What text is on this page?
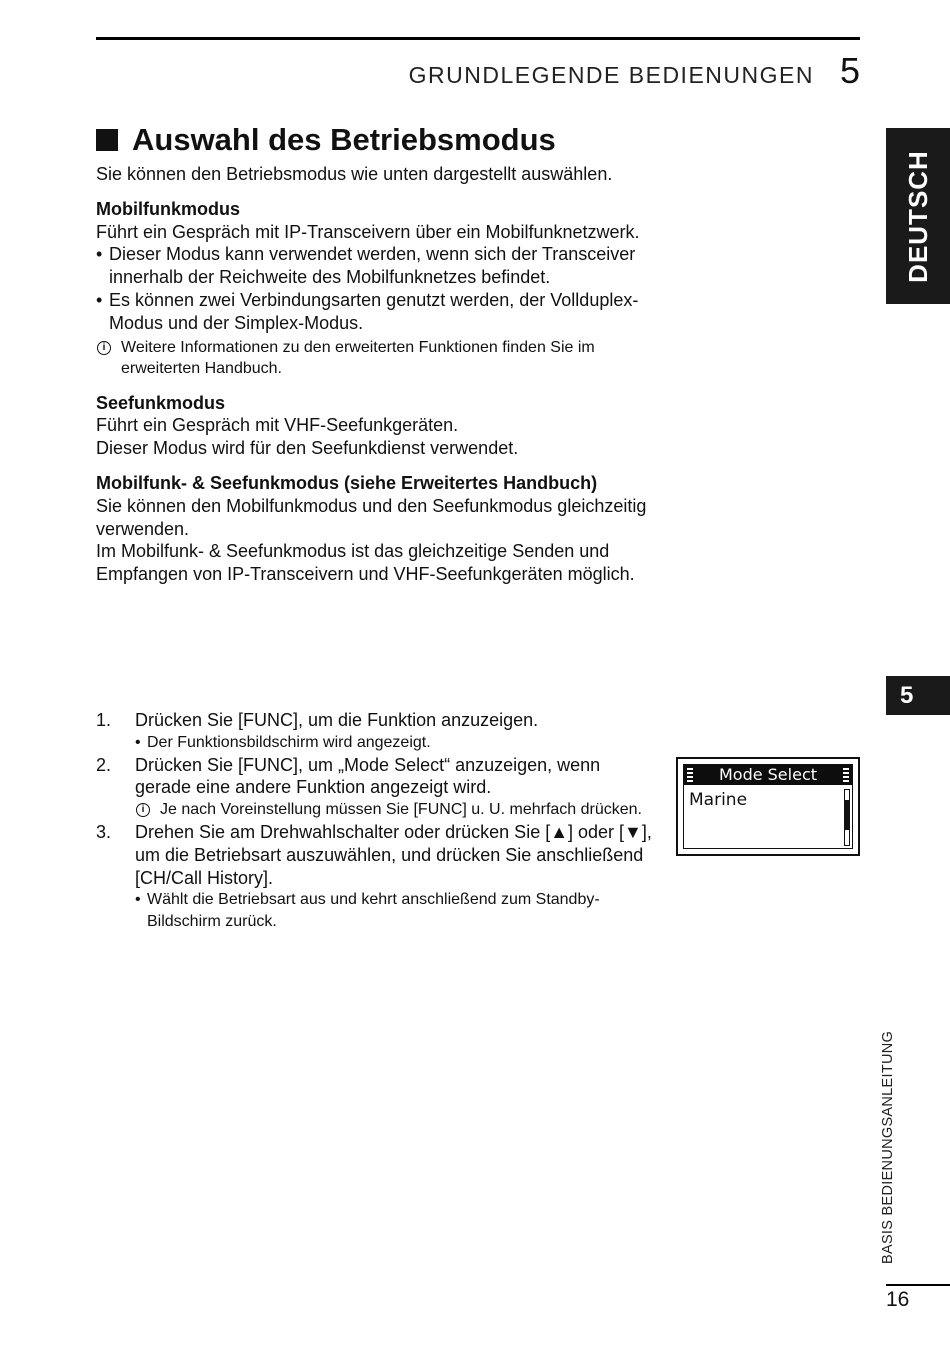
GRUNDLEGENDE BEDIENUNGEN 5
DEUTSCH
5
BASIS BEDIENUNGSANLEITUNG
16
Auswahl des Betriebsmodus

Sie können den Betriebsmodus wie unten dargestellt auswählen.

Mobilfunkmodus

Führt ein Gespräch mit IP-Transceivern über ein Mobilfunknetzwerk.

• Dieser Modus kann verwendet werden, wenn sich der Transceiver innerhalb der Reichweite des Mobilfunknetzes befindet.
• Es können zwei Verbindungsarten genutzt werden, der Vollduplex-Modus und der Simplex-Modus.
i Weitere Informationen zu den erweiterten Funktionen finden Sie im erweiterten Handbuch.
Seefunkmodus

Führt ein Gespräch mit VHF-Seefunkgeräten.

Dieser Modus wird für den Seefunkdienst verwendet.

Mobilfunk- & Seefunkmodus (siehe Erweitertes Handbuch)

Sie können den Mobilfunkmodus und den Seefunkmodus gleichzeitig verwenden.

Im Mobilfunk- & Seefunkmodus ist das gleichzeitige Senden und Empfangen von IP-Transceivern und VHF-Seefunkgeräten möglich.

1.	Drücken Sie [FUNC], um die Funktion anzuzeigen.
• Der Funktionsbildschirm wird angezeigt.
2.	Drücken Sie [FUNC], um „Mode Select“ anzuzeigen, wenn gerade eine andere Funktion angezeigt wird.
i Je nach Voreinstellung müssen Sie [FUNC] u. U. mehrfach drücken.
3.	Drehen Sie am Drehwahlschalter oder drücken Sie [▲] oder [▼], um die Betriebsart auszuwählen, und drücken Sie anschließend [CH/Call History].
• Wählt die Betriebsart aus und kehrt anschließend zum Standby-Bildschirm zurück.
Mode Select
Marine
